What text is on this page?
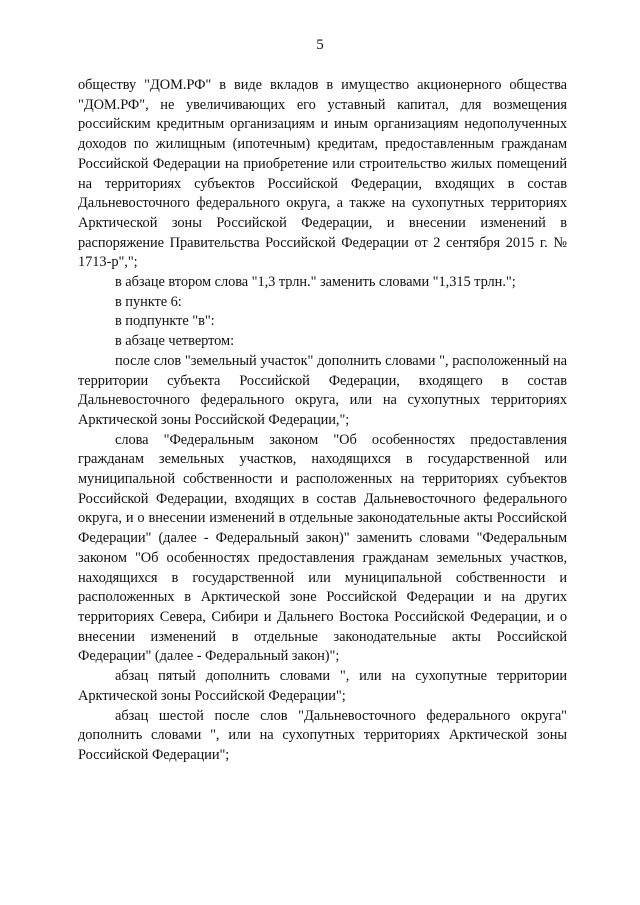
5

обществу "ДОМ.РФ" в виде вкладов в имущество акционерного общества "ДОМ.РФ", не увеличивающих его уставный капитал, для возмещения российским кредитным организациям и иным организациям недополученных доходов по жилищным (ипотечным) кредитам, предоставленным гражданам Российской Федерации на приобретение или строительство жилых помещений на территориях субъектов Российской Федерации, входящих в состав Дальневосточного федерального округа, а также на сухопутных территориях Арктической зоны Российской Федерации, и внесении изменений в распоряжение Правительства Российской Федерации от 2 сентября 2015 г. № 1713-р",";

в абзаце втором слова "1,3 трлн." заменить словами "1,315 трлн.";

в пункте 6:

в подпункте "в":

в абзаце четвертом:

после слов "земельный участок" дополнить словами ", расположенный на территории субъекта Российской Федерации, входящего в состав Дальневосточного федерального округа, или на сухопутных территориях Арктической зоны Российской Федерации,";

слова "Федеральным законом "Об особенностях предоставления гражданам земельных участков, находящихся в государственной или муниципальной собственности и расположенных на территориях субъектов Российской Федерации, входящих в состав Дальневосточного федерального округа, и о внесении изменений в отдельные законодательные акты Российской Федерации" (далее - Федеральный закон)" заменить словами "Федеральным законом "Об особенностях предоставления гражданам земельных участков, находящихся в государственной или муниципальной собственности и расположенных в Арктической зоне Российской Федерации и на других территориях Севера, Сибири и Дальнего Востока Российской Федерации, и о внесении изменений в отдельные законодательные акты Российской Федерации" (далее - Федеральный закон)";

абзац пятый дополнить словами ", или на сухопутные территории Арктической зоны Российской Федерации";

абзац шестой после слов "Дальневосточного федерального округа" дополнить словами ", или на сухопутных территориях Арктической зоны Российской Федерации";
